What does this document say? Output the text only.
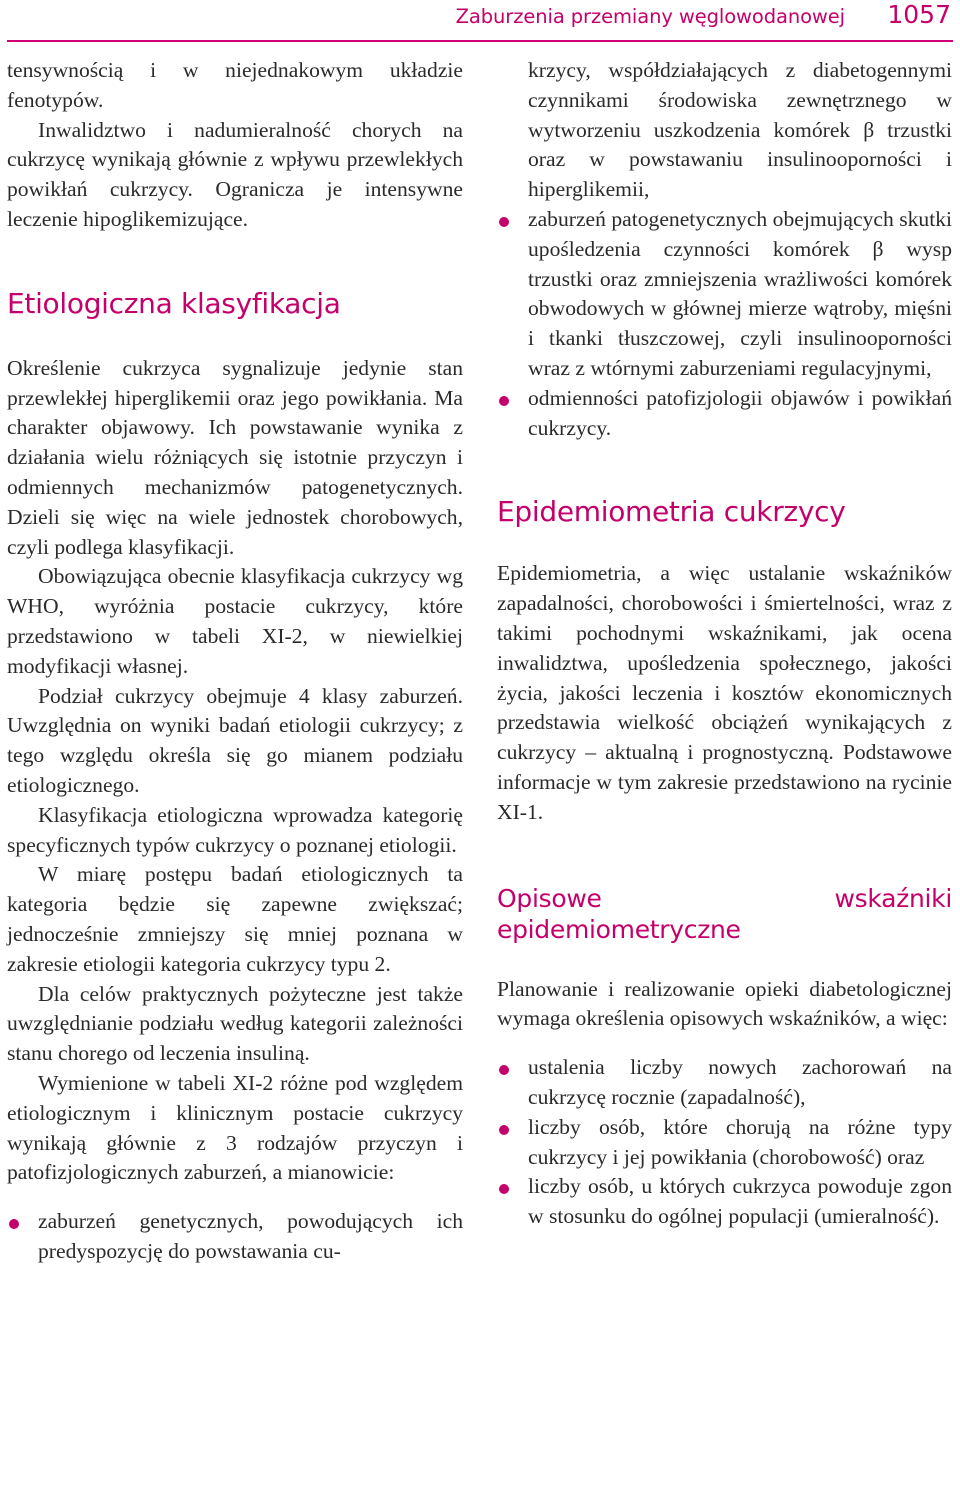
Zaburzenia przemiany węglowodanowej 1057

tensywnością i w niejednakowym układzie fenotypów.

Inwalidztwo i nadumieralność chorych na cukrzycę wynikają głównie z wpływu przewlekłych powikłań cukrzycy. Ogranicza je intensywne leczenie hipoglikemizujące.

Etiologiczna klasyfikacja

Określenie cukrzyca sygnalizuje jedynie stan przewlekłej hiperglikemii oraz jego powikłania. Ma charakter objawowy. Ich powstawanie wynika z działania wielu różniących się istotnie przyczyn i odmiennych mechanizmów patogenetycznych. Dzieli się więc na wiele jednostek chorobowych, czyli podlega klasyfikacji.

Obowiązująca obecnie klasyfikacja cukrzycy wg WHO, wyróżnia postacie cukrzycy, które przedstawiono w tabeli XI-2, w niewielkiej modyfikacji własnej.

Podział cukrzycy obejmuje 4 klasy zaburzeń. Uwzględnia on wyniki badań etiologii cukrzycy; z tego względu określa się go mianem podziału etiologicznego.

Klasyfikacja etiologiczna wprowadza kategorię specyficznych typów cukrzycy o poznanej etiologii.

W miarę postępu badań etiologicznych ta kategoria będzie się zapewne zwiększać; jednocześnie zmniejszy się mniej poznana w zakresie etiologii kategoria cukrzycy typu 2.

Dla celów praktycznych pożyteczne jest także uwzględnianie podziału według kategorii zależności stanu chorego od leczenia insuliną.

Wymienione w tabeli XI-2 różne pod względem etiologicznym i klinicznym postacie cukrzycy wynikają głównie z 3 rodzajów przyczyn i patofizjologicznych zaburzeń, a mianowicie:

zaburzeń genetycznych, powodujących ich predyspozycję do powstawania cu-
krzycy, współdziałających z diabetogennymi czynnikami środowiska zewnętrznego w wytworzeniu uszkodzenia komórek β trzustki oraz w powstawaniu insulinooporności i hiperglikemii,
zaburzeń patogenetycznych obejmujących skutki upośledzenia czynności komórek β wysp trzustki oraz zmniejszenia wrażliwości komórek obwodowych w głównej mierze wątroby, mięśni i tkanki tłuszczowej, czyli insulinooporności wraz z wtórnymi zaburzeniami regulacyjnymi,
odmienności patofizjologii objawów i powikłań cukrzycy.
Epidemiometria cukrzycy

Epidemiometria, a więc ustalanie wskaźników zapadalności, chorobowości i śmiertelności, wraz z takimi pochodnymi wskaźnikami, jak ocena inwalidztwa, upośledzenia społecznego, jakości życia, jakości leczenia i kosztów ekonomicznych przedstawia wielkość obciążeń wynikających z cukrzycy – aktualną i prognostyczną. Podstawowe informacje w tym zakresie przedstawiono na rycinie XI-1.

Opisowe wskaźniki epidemiometryczne

Planowanie i realizowanie opieki diabetologicznej wymaga określenia opisowych wskaźników, a więc:

ustalenia liczby nowych zachorowań na cukrzycę rocznie (zapadalność),
liczby osób, które chorują na różne typy cukrzycy i jej powikłania (chorobowość) oraz
liczby osób, u których cukrzyca powoduje zgon w stosunku do ogólnej populacji (umieralność).
